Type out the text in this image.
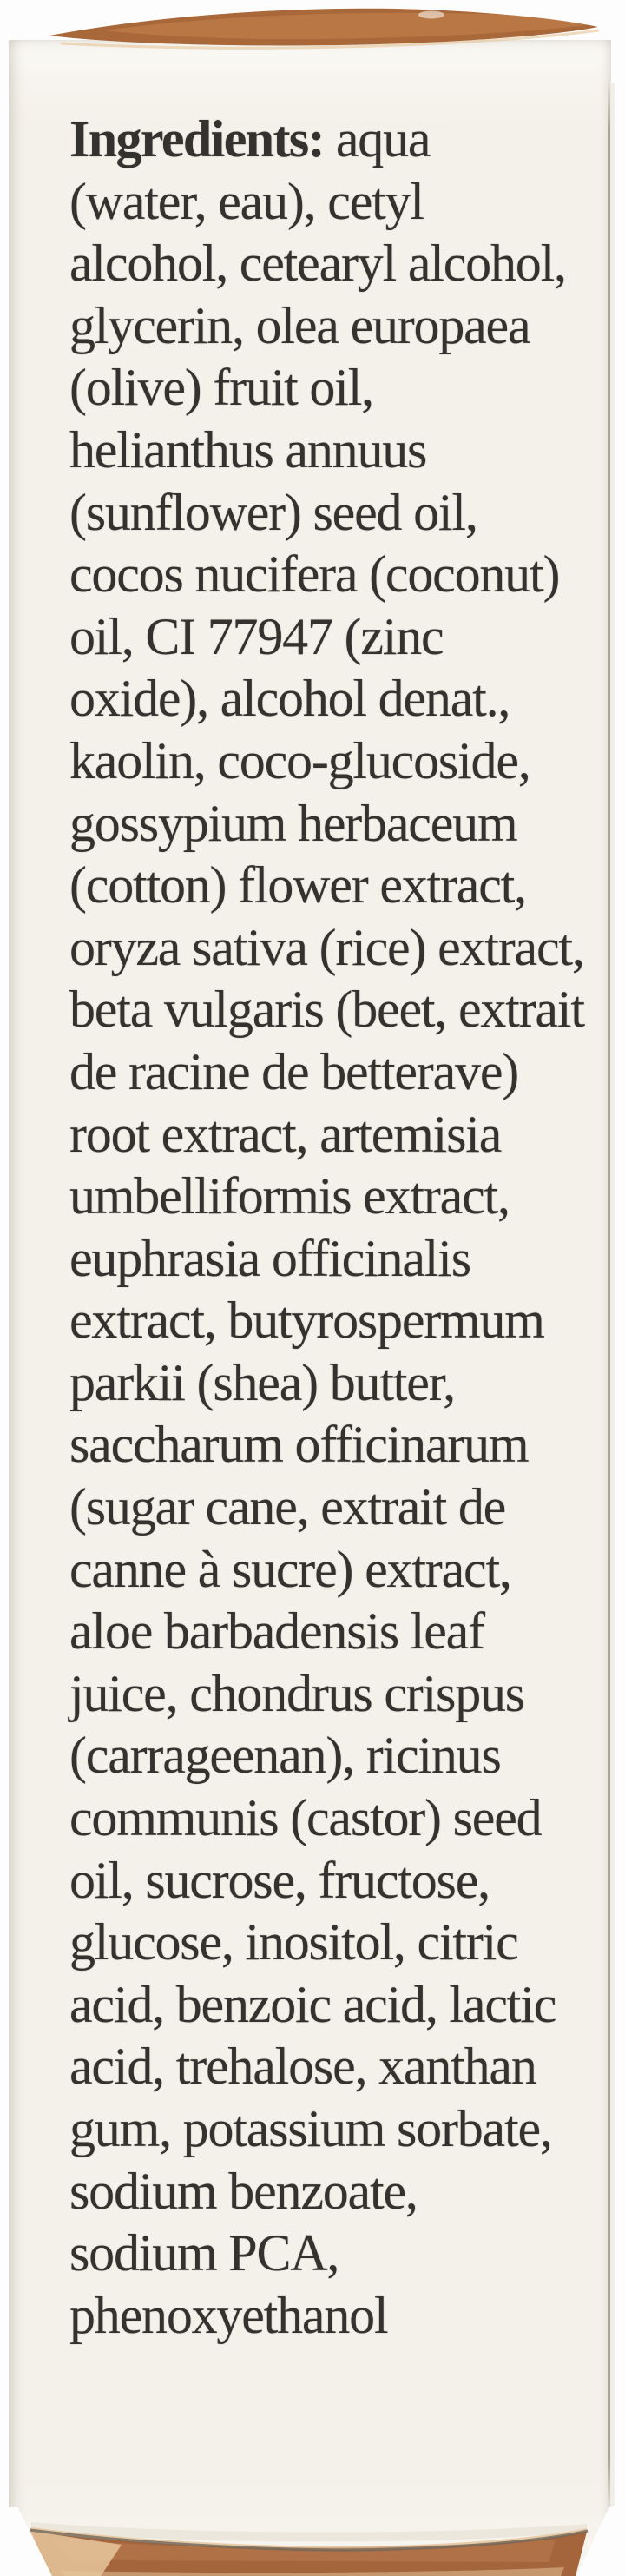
Ingredients: aqua
(water, eau), cetyl
alcohol, cetearyl alcohol,
glycerin, olea europaea
(olive) fruit oil,
helianthus annuus
(sunflower) seed oil,
cocos nucifera (coconut)
oil, CI 77947 (zinc
oxide), alcohol denat.,
kaolin, coco-glucoside,
gossypium herbaceum
(cotton) flower extract,
oryza sativa (rice) extract,
beta vulgaris (beet, extrait
de racine de betterave)
root extract, artemisia
umbelliformis extract,
euphrasia officinalis
extract, butyrospermum
parkii (shea) butter,
saccharum officinarum
(sugar cane, extrait de
canne à sucre) extract,
aloe barbadensis leaf
juice, chondrus crispus
(carrageenan), ricinus
communis (castor) seed
oil, sucrose, fructose,
glucose, inositol, citric
acid, benzoic acid, lactic
acid, trehalose, xanthan
gum, potassium sorbate,
sodium benzoate,
sodium PCA,
phenoxyethanol
